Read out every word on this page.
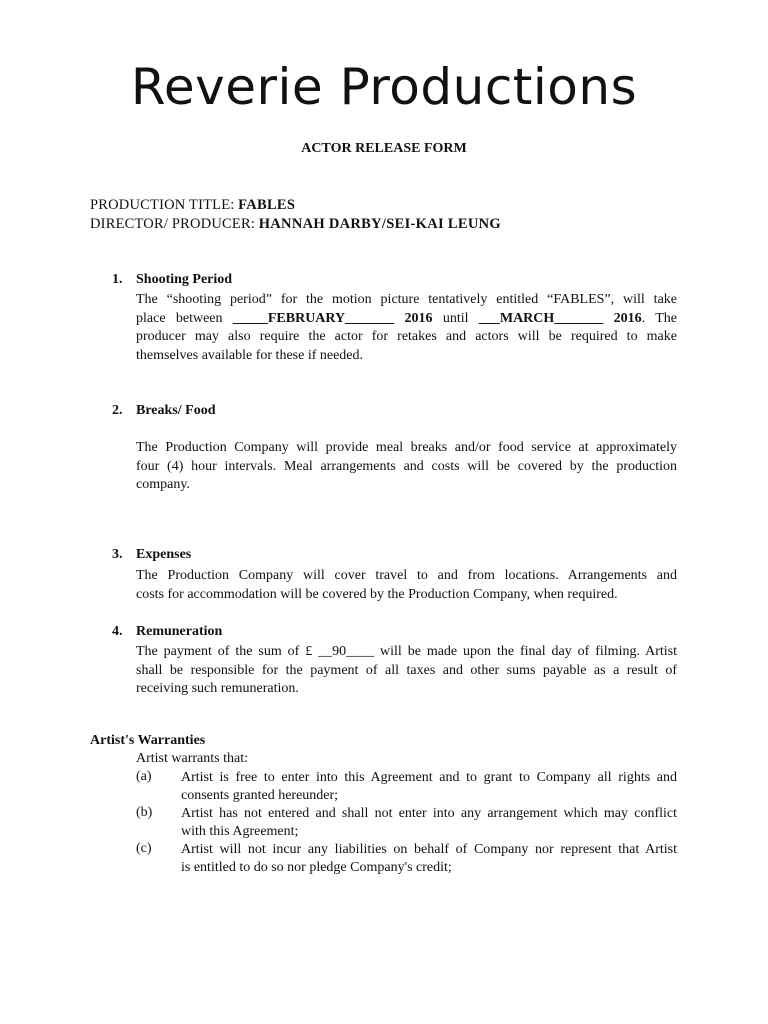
Reverie Productions
ACTOR RELEASE FORM
PRODUCTION TITLE: FABLES
DIRECTOR/ PRODUCER: HANNAH DARBY/SEI-KAI LEUNG
1. Shooting Period
The “shooting period” for the motion picture tentatively entitled “FABLES”, will take
place between _____FEBRUARY_______ 2016 until ___MARCH_______ 2016. The
producer may also require the actor for retakes and actors will be required to make
themselves available for these if needed.
2. Breaks/ Food
The Production Company will provide meal breaks and/or food service at approximately
four (4) hour intervals. Meal arrangements and costs will be covered by the production
company.
3. Expenses
The Production Company will cover travel to and from locations. Arrangements and
costs for accommodation will be covered by the Production Company, when required.
4. Remuneration
The payment of the sum of £ __90____ will be made upon the final day of filming. Artist
shall be responsible for the payment of all taxes and other sums payable as a result of
receiving such remuneration.
Artist's Warranties
Artist warrants that:
(a) Artist is free to enter into this Agreement and to grant to Company all rights and
consents granted hereunder;
(b) Artist has not entered and shall not enter into any arrangement which may conflict
with this Agreement;
(c) Artist will not incur any liabilities on behalf of Company nor represent that Artist
is entitled to do so nor pledge Company's credit;
